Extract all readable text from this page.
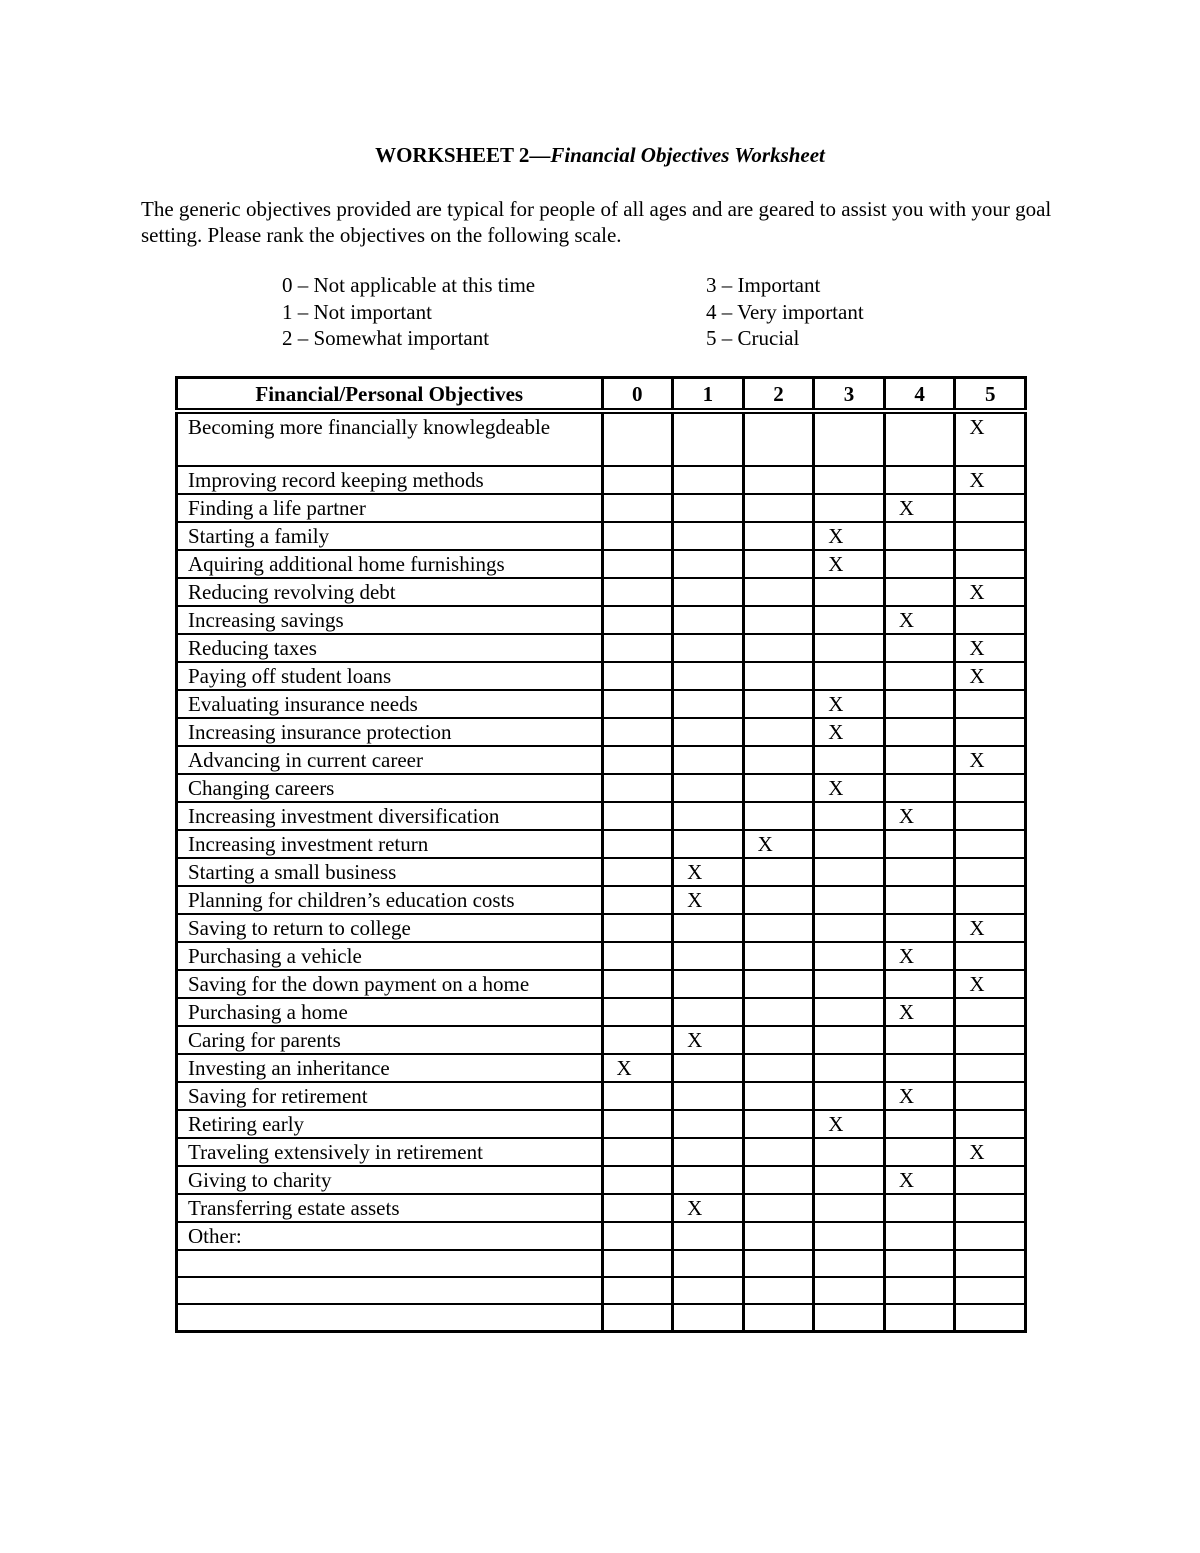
WORKSHEET 2—Financial Objectives Worksheet
The generic objectives provided are typical for people of all ages and are geared to assist you with your goal setting. Please rank the objectives on the following scale.
0 – Not applicable at this time
1 – Not important
2 – Somewhat important
3 – Important
4 – Very important
5 – Crucial
Financial/Personal Objectives	0	1	2	3	4	5
Becoming more financially knowlegdeable						X
Improving record keeping methods						X
Finding a life partner					X	
Starting a family				X		
Aquiring additional home furnishings				X		
Reducing revolving debt						X
Increasing savings					X	
Reducing taxes						X
Paying off student loans						X
Evaluating insurance needs				X		
Increasing insurance protection				X		
Advancing in current career						X
Changing careers				X		
Increasing investment diversification					X	
Increasing investment return			X			
Starting a small business		X				
Planning for children’s education costs		X				
Saving to return to college						X
Purchasing a vehicle					X	
Saving for the down payment on a home						X
Purchasing a home					X	
Caring for parents		X				
Investing an inheritance	X					
Saving for retirement					X	
Retiring early				X		
Traveling extensively in retirement						X
Giving to charity					X	
Transferring estate assets		X				
Other:						
